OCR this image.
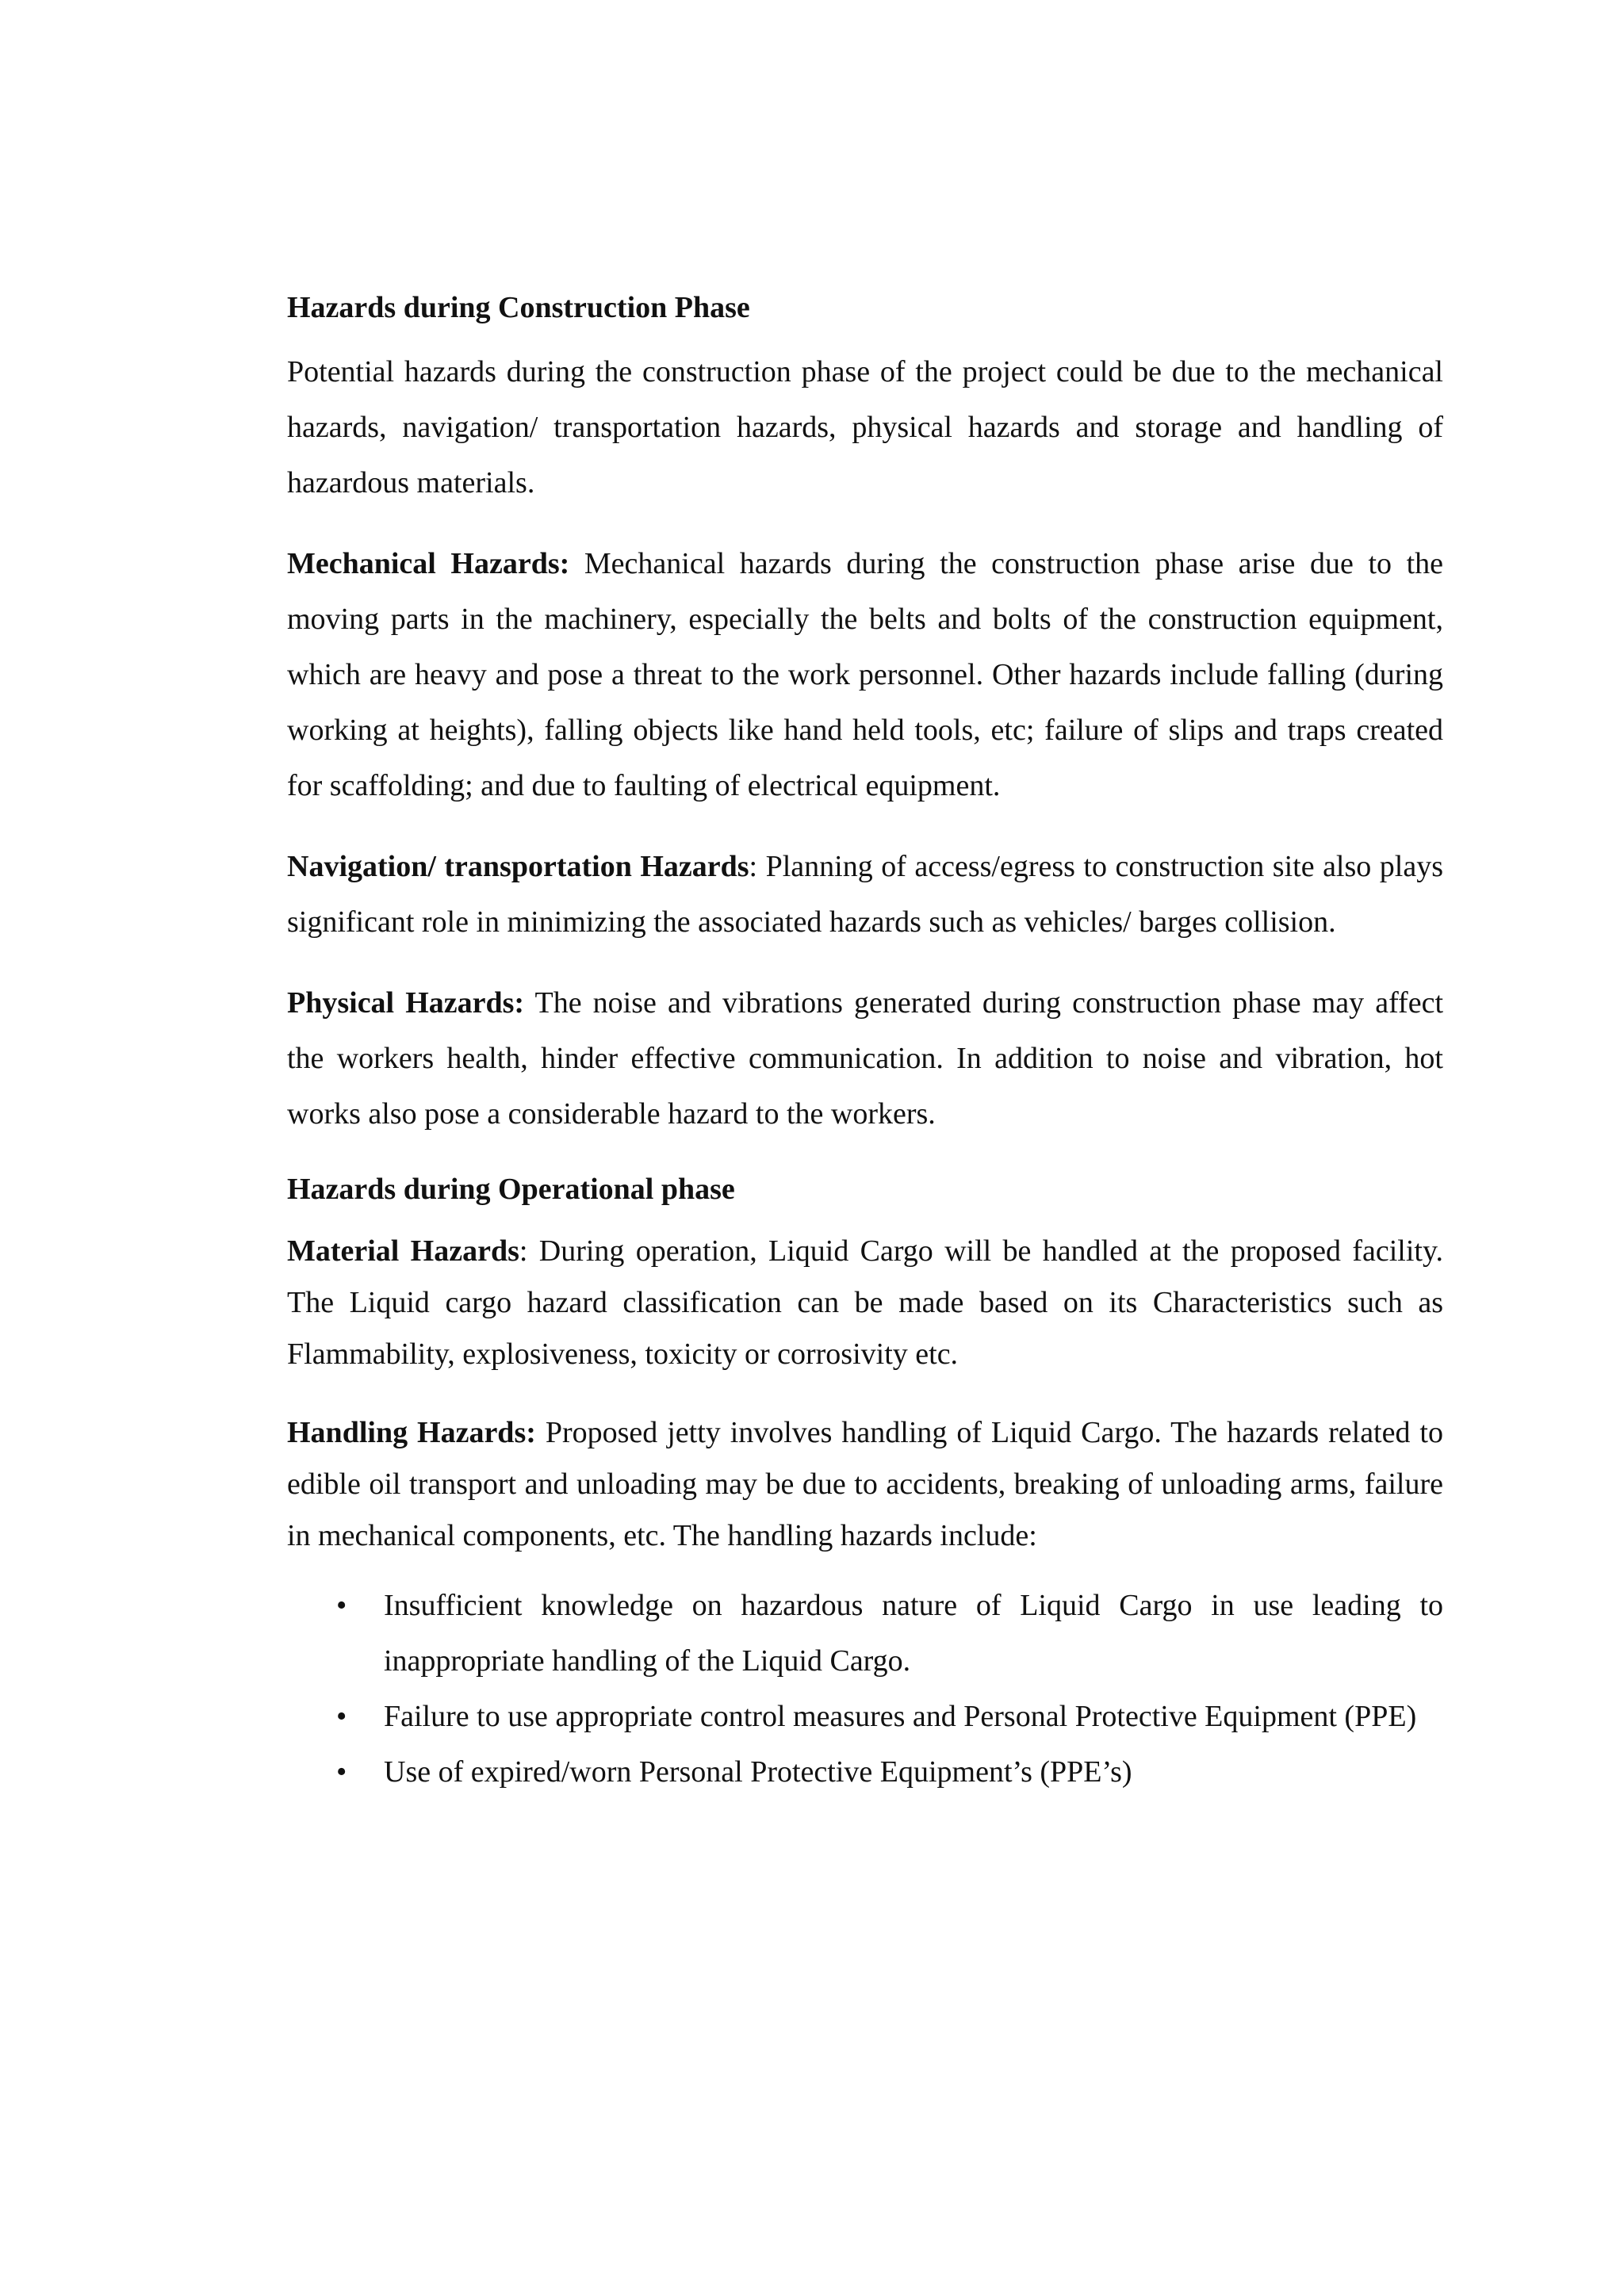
Hazards during Construction Phase

Potential hazards during the construction phase of the project could be due to the mechanical hazards, navigation/ transportation hazards, physical hazards and storage and handling of hazardous materials.

Mechanical Hazards: Mechanical hazards during the construction phase arise due to the moving parts in the machinery, especially the belts and bolts of the construction equipment, which are heavy and pose a threat to the work personnel. Other hazards include falling (during working at heights), falling objects like hand held tools, etc; failure of slips and traps created for scaffolding; and due to faulting of electrical equipment.

Navigation/ transportation Hazards: Planning of access/egress to construction site also plays significant role in minimizing the associated hazards such as vehicles/ barges collision.

Physical Hazards: The noise and vibrations generated during construction phase may affect the workers health, hinder effective communication. In addition to noise and vibration, hot works also pose a considerable hazard to the workers.

Hazards during Operational phase

Material Hazards: During operation, Liquid Cargo will be handled at the proposed facility. The Liquid cargo hazard classification can be made based on its Characteristics such as Flammability, explosiveness, toxicity or corrosivity etc.

Handling Hazards: Proposed jetty involves handling of Liquid Cargo. The hazards related to edible oil transport and unloading may be due to accidents, breaking of unloading arms, failure in mechanical components, etc. The handling hazards include:

• Insufficient knowledge on hazardous nature of Liquid Cargo in use leading to inappropriate handling of the Liquid Cargo.
• Failure to use appropriate control measures and Personal Protective Equipment (PPE)
• Use of expired/worn Personal Protective Equipment’s (PPE’s)
